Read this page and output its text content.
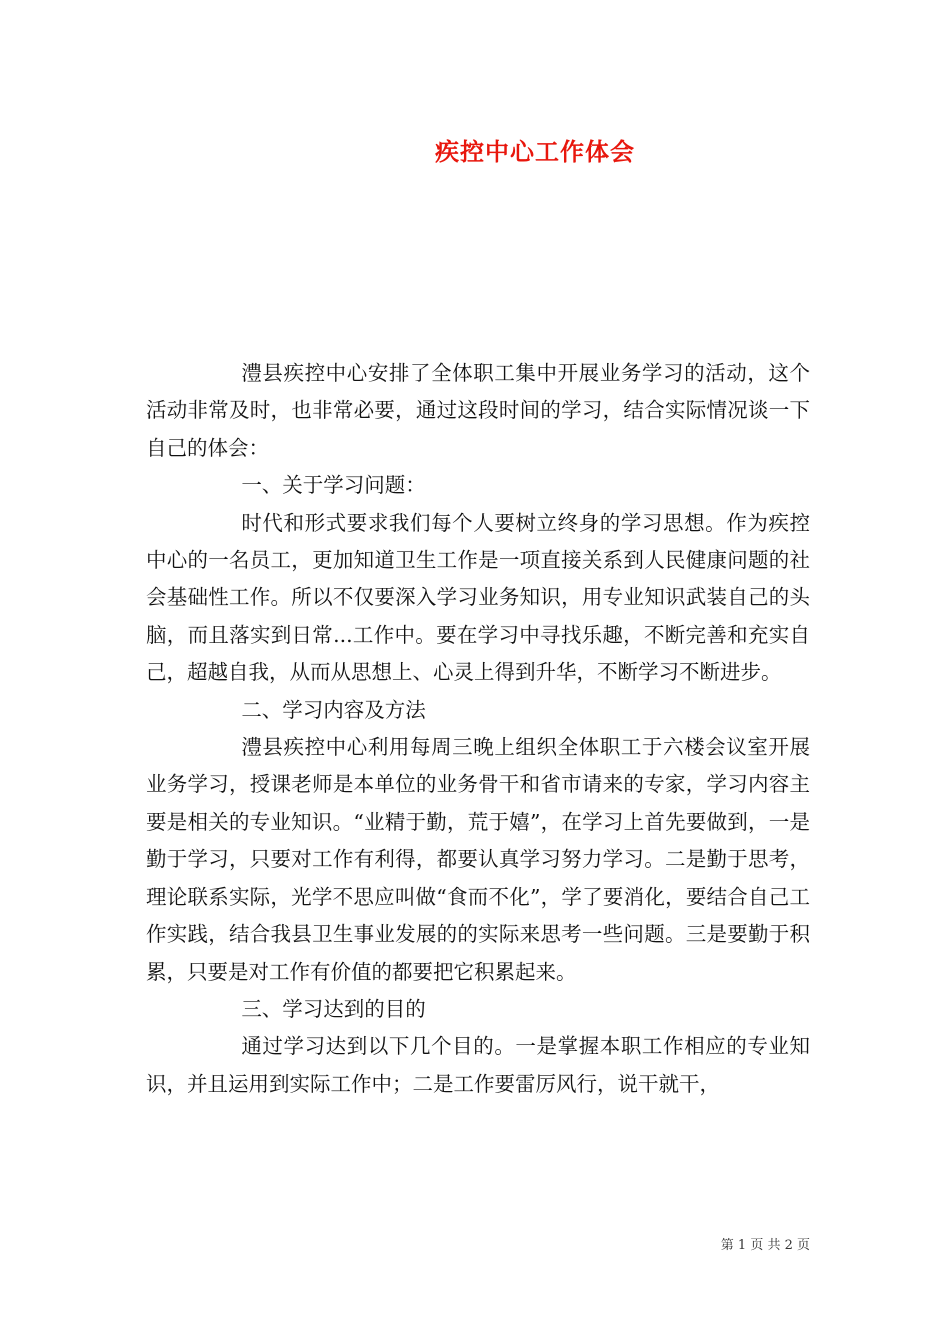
疾控中心工作体会

澧县疾控中心安排了全体职工集中开展业务学习的活动，这个活动非常及时，也非常必要，通过这段时间的学习，结合实际情况谈一下自己的体会：

一、关于学习问题：

时代和形式要求我们每个人要树立终身的学习思想。作为疾控中心的一名员工，更加知道卫生工作是一项直接关系到人民健康问题的社会基础性工作。所以不仅要深入学习业务知识，用专业知识武装自己的头脑，而且落实到日常...工作中。要在学习中寻找乐趣，不断完善和充实自己，超越自我，从而从思想上、心灵上得到升华，不断学习不断进步。

二、学习内容及方法

澧县疾控中心利用每周三晚上组织全体职工于六楼会议室开展业务学习，授课老师是本单位的业务骨干和省市请来的专家，学习内容主要是相关的专业知识。“业精于勤，荒于嬉”，在学习上首先要做到，一是勤于学习，只要对工作有利得，都要认真学习努力学习。二是勤于思考，理论联系实际，光学不思应叫做“食而不化”，学了要消化，要结合自己工作实践，结合我县卫生事业发展的的实际来思考一些问题。三是要勤于积累，只要是对工作有价值的都要把它积累起来。

三、学习达到的目的

通过学习达到以下几个目的。一是掌握本职工作相应的专业知识，并且运用到实际工作中；二是工作要雷厉风行，说干就干，

第 1 页 共 2 页
